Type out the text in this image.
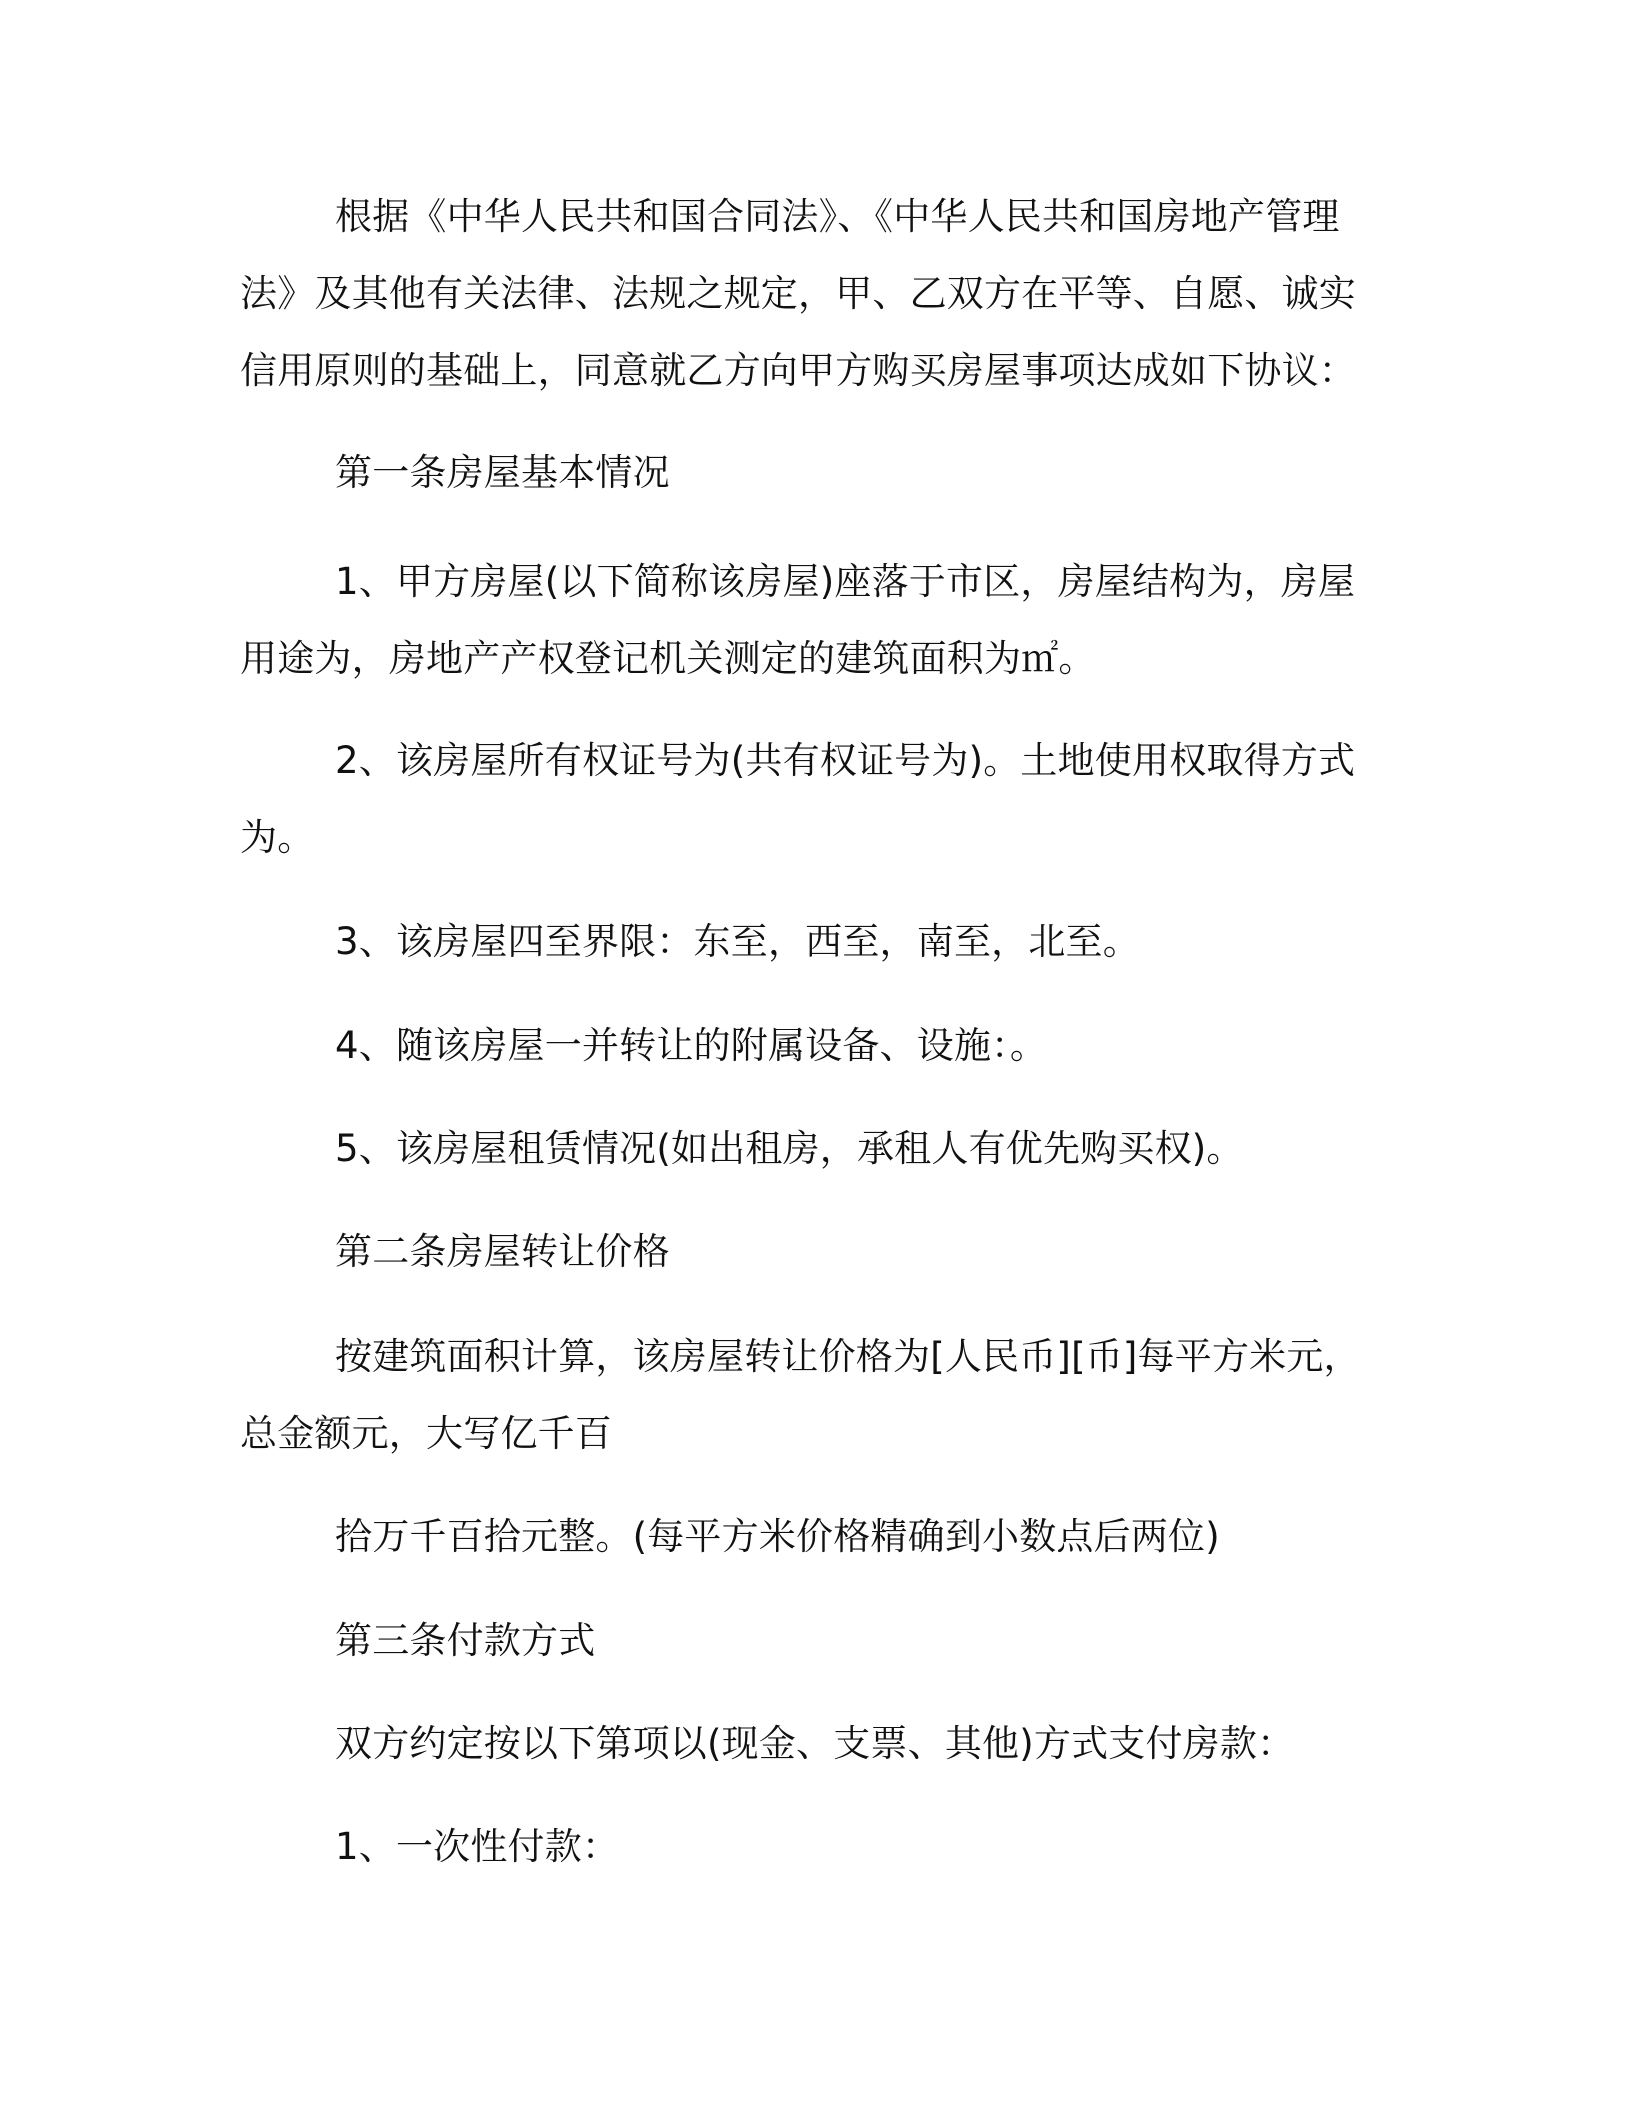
根据《中华人民共和国合同法》、《中华人民共和国房地产管理
法》及其他有关法律、法规之规定，甲、乙双方在平等、自愿、诚实
信用原则的基础上，同意就乙方向甲方购买房屋事项达成如下协议：
第一条房屋基本情况
1、甲方房屋(以下简称该房屋)座落于市区，房屋结构为，房屋
用途为，房地产产权登记机关测定的建筑面积为㎡。
2、该房屋所有权证号为(共有权证号为)。土地使用权取得方式
为。
3、该房屋四至界限：东至，西至，南至，北至。
4、随该房屋一并转让的附属设备、设施：。
5、该房屋租赁情况(如出租房，承租人有优先购买权)。
第二条房屋转让价格
按建筑面积计算，该房屋转让价格为[人民币][币]每平方米元，
总金额元，大写亿千百
拾万千百拾元整。(每平方米价格精确到小数点后两位)
第三条付款方式
双方约定按以下第项以(现金、支票、其他)方式支付房款：
1、一次性付款：
